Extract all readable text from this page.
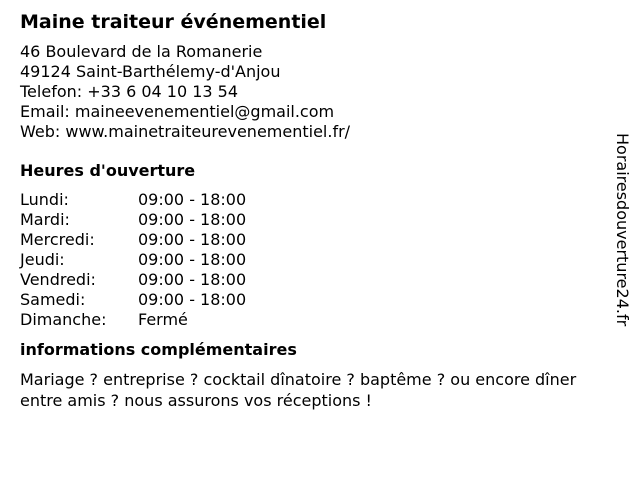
Maine traiteur événementiel
46 Boulevard de la Romanerie
49124 Saint-Barthélemy-d'Anjou
Telefon: +33 6 04 10 13 54
Email: maineevenementiel@gmail.com
Web: www.mainetraiteurevenementiel.fr/
Heures d'ouverture
Lundi:	09:00 - 18:00
Mardi:	09:00 - 18:00
Mercredi:	09:00 - 18:00
Jeudi:	09:00 - 18:00
Vendredi:	09:00 - 18:00
Samedi:	09:00 - 18:00
Dimanche:	Fermé
informations complémentaires
Mariage ? entreprise ? cocktail dînatoire ? baptême ? ou encore dîner entre amis ? nous assurons vos réceptions !
Horairesdouverture24.fr
